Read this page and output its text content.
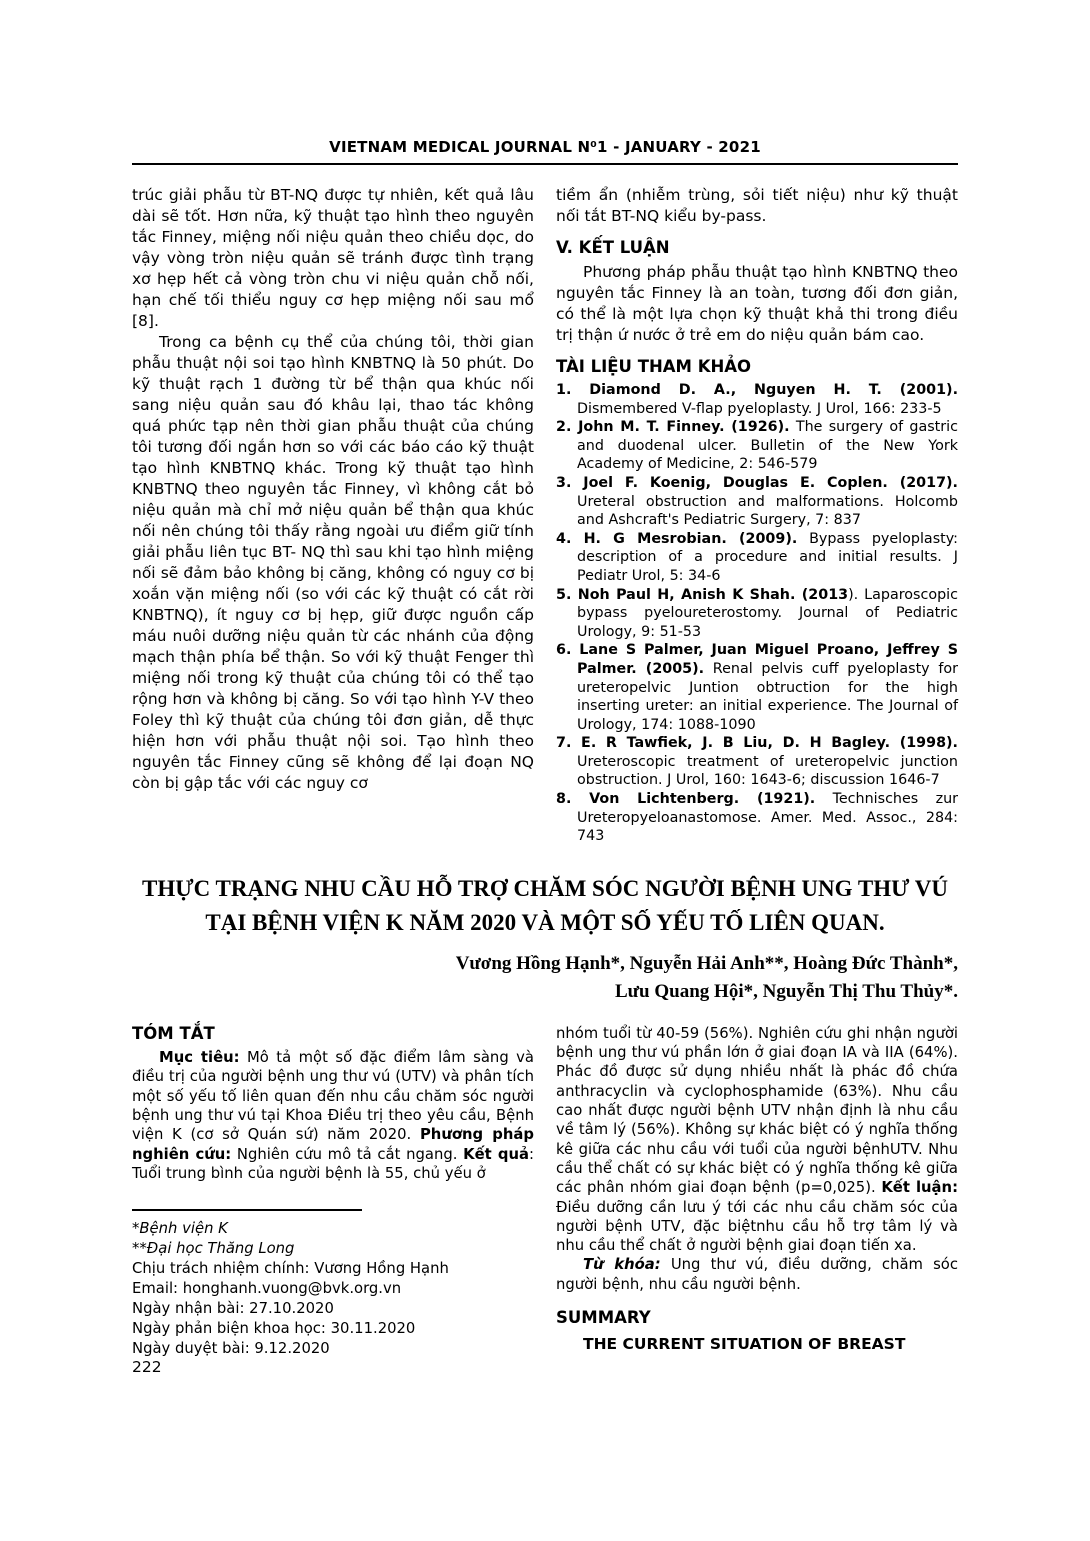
VIETNAM MEDICAL JOURNAL N⁰1 - JANUARY - 2021

trúc giải phẫu từ BT-NQ được tự nhiên, kết quả lâu dài sẽ tốt. Hơn nữa, kỹ thuật tạo hình theo nguyên tắc Finney, miệng nối niệu quản theo chiều dọc, do vậy vòng tròn niệu quản sẽ tránh được tình trạng xơ hẹp hết cả vòng tròn chu vi niệu quản chỗ nối, hạn chế tối thiểu nguy cơ hẹp miệng nối sau mổ [8].

Trong ca bệnh cụ thể của chúng tôi, thời gian phẫu thuật nội soi tạo hình KNBTNQ là 50 phút. Do kỹ thuật rạch 1 đường từ bể thận qua khúc nối sang niệu quản sau đó khâu lại, thao tác không quá phức tạp nên thời gian phẫu thuật của chúng tôi tương đối ngắn hơn so với các báo cáo kỹ thuật tạo hình KNBTNQ khác. Trong kỹ thuật tạo hình KNBTNQ theo nguyên tắc Finney, vì không cắt bỏ niệu quản mà chỉ mở niệu quản bể thận qua khúc nối nên chúng tôi thấy rằng ngoài ưu điểm giữ tính giải phẫu liên tục BT- NQ thì sau khi tạo hình miệng nối sẽ đảm bảo không bị căng, không có nguy cơ bị xoắn vặn miệng nối (so với các kỹ thuật có cắt rời KNBTNQ), ít nguy cơ bị hẹp, giữ được nguồn cấp máu nuôi dưỡng niệu quản từ các nhánh của động mạch thận phía bể thận. So với kỹ thuật Fenger thì miệng nối trong kỹ thuật của chúng tôi có thể tạo rộng hơn và không bị căng. So với tạo hình Y-V theo Foley thì kỹ thuật của chúng tôi đơn giản, dễ thực hiện hơn với phẫu thuật nội soi. Tạo hình theo nguyên tắc Finney cũng sẽ không để lại đoạn NQ còn bị gập tắc với các nguy cơ

tiềm ẩn (nhiễm trùng, sỏi tiết niệu) như kỹ thuật nối tắt BT-NQ kiểu by-pass.

V. KẾT LUẬN

Phương pháp phẫu thuật tạo hình KNBTNQ theo nguyên tắc Finney là an toàn, tương đối đơn giản, có thể là một lựa chọn kỹ thuật khả thi trong điều trị thận ứ nước ở trẻ em do niệu quản bám cao.

TÀI LIỆU THAM KHẢO

1. Diamond D. A., Nguyen H. T. (2001). Dismembered V-flap pyeloplasty. J Urol, 166: 233-5

2. John M. T. Finney. (1926). The surgery of gastric and duodenal ulcer. Bulletin of the New York Academy of Medicine, 2: 546-579

3. Joel F. Koenig, Douglas E. Coplen. (2017). Ureteral obstruction and malformations. Holcomb and Ashcraft's Pediatric Surgery, 7: 837

4. H. G Mesrobian. (2009). Bypass pyeloplasty: description of a procedure and initial results. J Pediatr Urol, 5: 34-6

5. Noh Paul H, Anish K Shah. (2013). Laparoscopic bypass pyeloureterostomy. Journal of Pediatric Urology, 9: 51-53

6. Lane S Palmer, Juan Miguel Proano, Jeffrey S Palmer. (2005). Renal pelvis cuff pyeloplasty for ureteropelvic Juntion obtruction for the high inserting ureter: an initial experience. The Journal of Urology, 174: 1088-1090

7. E. R Tawfiek, J. B Liu, D. H Bagley. (1998). Ureteroscopic treatment of ureteropelvic junction obstruction. J Urol, 160: 1643-6; discussion 1646-7

8. Von Lichtenberg. (1921). Technisches zur Ureteropyeloanastomose. Amer. Med. Assoc., 284: 743

THỰC TRẠNG NHU CẦU HỖ TRỢ CHĂM SÓC NGƯỜI BỆNH UNG THƯ VÚ
TẠI BỆNH VIỆN K NĂM 2020 VÀ MỘT SỐ YẾU TỐ LIÊN QUAN.
Vương Hồng Hạnh*, Nguyễn Hải Anh**, Hoàng Đức Thành*,
Lưu Quang Hội*, Nguyễn Thị Thu Thủy*.
TÓM TẮT

Mục tiêu: Mô tả một số đặc điểm lâm sàng và điều trị của người bệnh ung thư vú (UTV) và phân tích một số yếu tố liên quan đến nhu cầu chăm sóc người bệnh ung thư vú tại Khoa Điều trị theo yêu cầu, Bệnh viện K (cơ sở Quán sứ) năm 2020. Phương pháp nghiên cứu: Nghiên cứu mô tả cắt ngang. Kết quả: Tuổi trung bình của người bệnh là 55, chủ yếu ở

*Bệnh viện K
**Đại học Thăng Long
Chịu trách nhiệm chính: Vương Hồng Hạnh
Email: honghanh.vuong@bvk.org.vn
Ngày nhận bài: 27.10.2020
Ngày phản biện khoa học: 30.11.2020
Ngày duyệt bài: 9.12.2020

nhóm tuổi từ 40-59 (56%). Nghiên cứu ghi nhận người bệnh ung thư vú phần lớn ở giai đoạn IA và IIA (64%). Phác đồ được sử dụng nhiều nhất là phác đồ chứa anthracyclin và cyclophosphamide (63%). Nhu cầu cao nhất được người bệnh UTV nhận định là nhu cầu về tâm lý (56%). Không sự khác biệt có ý nghĩa thống kê giữa các nhu cầu với tuổi của người bệnhUTV. Nhu cầu thể chất có sự khác biệt có ý nghĩa thống kê giữa các phân nhóm giai đoạn bệnh (p=0,025). Kết luận: Điều dưỡng cần lưu ý tới các nhu cầu chăm sóc của người bệnh UTV, đặc biệtnhu cầu hỗ trợ tâm lý và nhu cầu thể chất ở người bệnh giai đoạn tiến xa.

Từ khóa: Ung thư vú, điều dưỡng, chăm sóc người bệnh, nhu cầu người bệnh.

SUMMARY
THE CURRENT SITUATION OF BREAST
222
